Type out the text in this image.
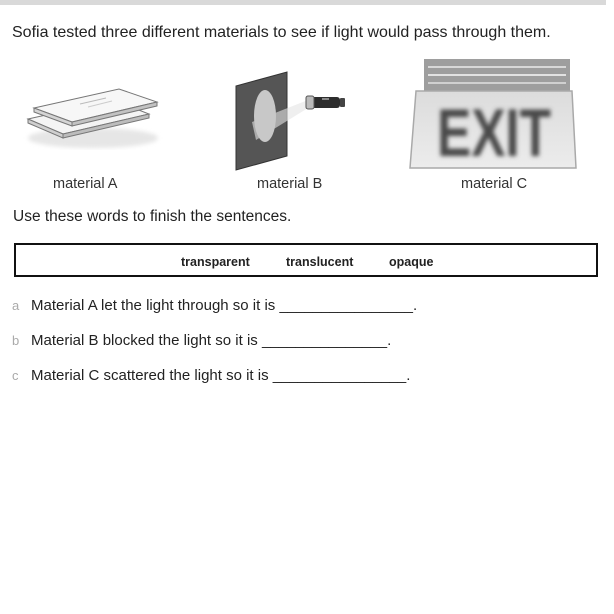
Sofia tested three different materials to see if light would pass through them.
EXIT
material A	material B	material C
Use these words to finish the sentences.
transparent	translucent	opaque
a Material A let the light through so it is ________________.
b Material B blocked the light so it is _______________.
c Material C scattered the light so it is ________________.
